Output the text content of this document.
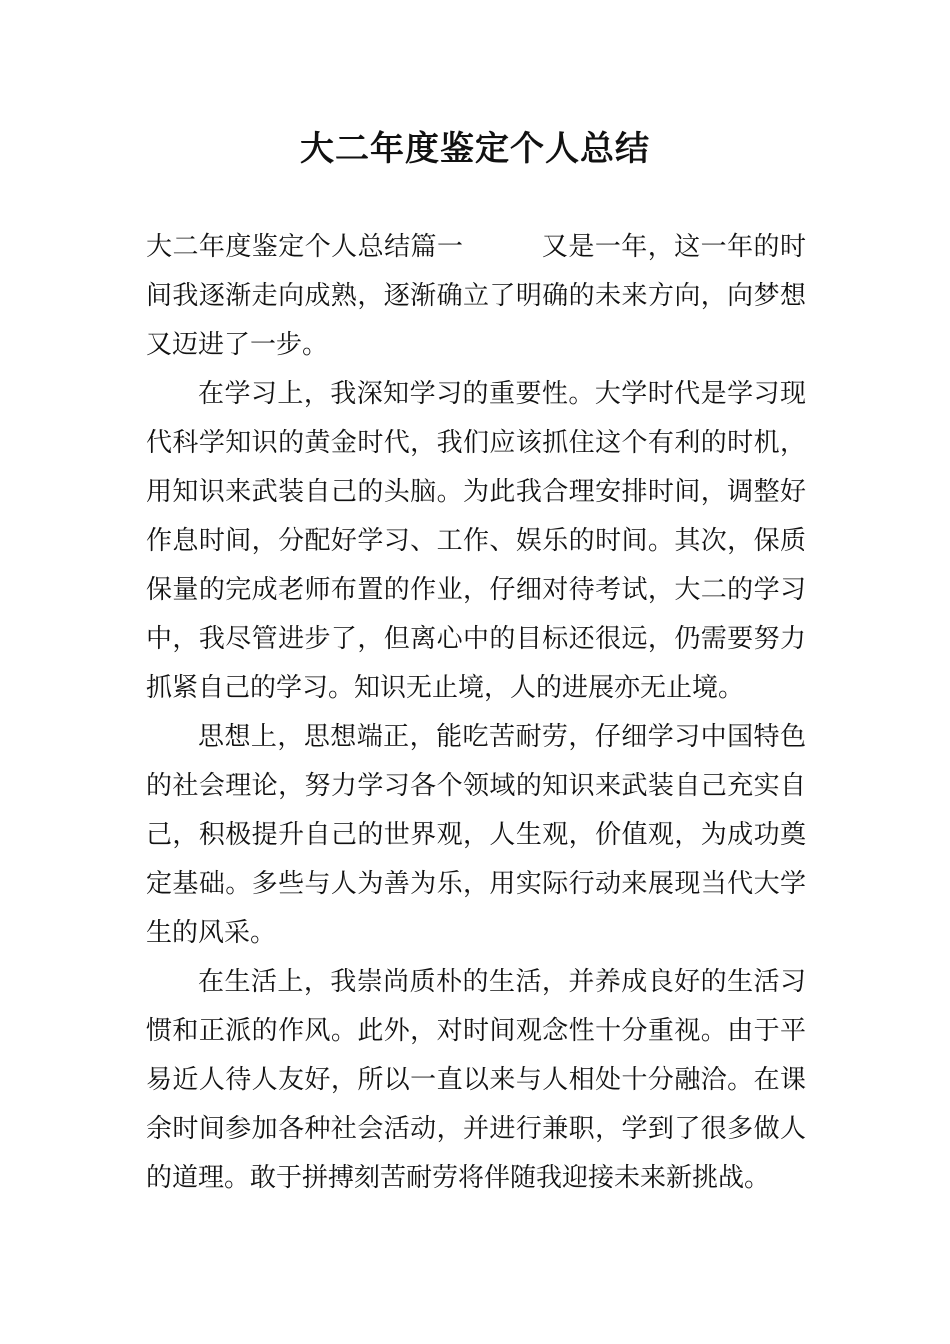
大二年度鉴定个人总结

大二年度鉴定个人总结篇一	又是一年，这一年的时间我逐渐走向成熟，逐渐确立了明确的未来方向，向梦想又迈进了一步。

在学习上，我深知学习的重要性。大学时代是学习现代科学知识的黄金时代，我们应该抓住这个有利的时机，用知识来武装自己的头脑。为此我合理安排时间，调整好作息时间，分配好学习、工作、娱乐的时间。其次，保质保量的完成老师布置的作业，仔细对待考试，大二的学习中，我尽管进步了，但离心中的目标还很远，仍需要努力抓紧自己的学习。知识无止境，人的进展亦无止境。

思想上，思想端正，能吃苦耐劳，仔细学习中国特色的社会理论，努力学习各个领域的知识来武装自己充实自己，积极提升自己的世界观，人生观，价值观，为成功奠定基础。多些与人为善为乐，用实际行动来展现当代大学生的风采。

在生活上，我崇尚质朴的生活，并养成良好的生活习惯和正派的作风。此外，对时间观念性十分重视。由于平易近人待人友好，所以一直以来与人相处十分融洽。在课余时间参加各种社会活动，并进行兼职，学到了很多做人的道理。敢于拼搏刻苦耐劳将伴随我迎接未来新挑战。
